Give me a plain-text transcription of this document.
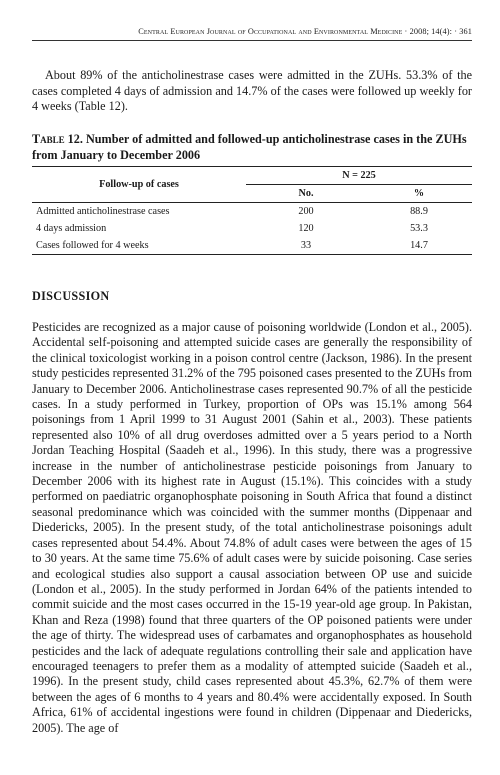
Central European Journal of Occupational and Environmental Medicine · 2008; 14(4): · 361

About 89% of the anticholinestrase cases were admitted in the ZUHs. 53.3% of the cases completed 4 days of admission and 14.7% of the cases were followed up weekly for 4 weeks (Table 12).

Table 12. Number of admitted and followed-up anticholinestrase cases in the ZUHs from January to December 2006
Follow-up of cases	N = 225	
	No.	%
Admitted anticholinestrase cases	200	88.9
4 days admission	120	53.3
Cases followed for 4 weeks	33	14.7
DISCUSSION

Pesticides are recognized as a major cause of poisoning worldwide (London et al., 2005). Accidental self-poisoning and attempted suicide cases are generally the responsibility of the clinical toxicologist working in a poison control centre (Jackson, 1986). In the present study pesticides represented 31.2% of the 795 poisoned cases presented to the ZUHs from January to December 2006. Anticholinestrase cases represented 90.7% of all the pesticide cases. In a study performed in Turkey, proportion of OPs was 15.1% among 564 poisonings from 1 April 1999 to 31 August 2001 (Sahin et al., 2003). These patients represented also 10% of all drug overdoses admitted over a 5 years period to a North Jordan Teaching Hospital (Saadeh et al., 1996). In this study, there was a progressive increase in the number of anticholinestrase pesticide poisonings from January to December 2006 with its highest rate in August (15.1%). This coincides with a study performed on paediatric organophosphate poisoning in South Africa that found a distinct seasonal predominance which was coincided with the summer months (Dippenaar and Diedericks, 2005). In the present study, of the total anticholinestrase poisonings adult cases represented about 54.4%. About 74.8% of adult cases were between the ages of 15 to 30 years. At the same time 75.6% of adult cases were by suicide poisoning. Case series and ecological studies also support a causal association between OP use and suicide (London et al., 2005). In the study performed in Jordan 64% of the patients intended to commit suicide and the most cases occurred in the 15-19 year-old age group. In Pakistan, Khan and Reza (1998) found that three quarters of the OP poisoned patients were under the age of thirty. The widespread uses of carbamates and organophosphates as household pesticides and the lack of adequate regulations controlling their sale and application have encouraged teenagers to prefer them as a modality of attempted suicide (Saadeh et al., 1996). In the present study, child cases represented about 45.3%, 62.7% of them were between the ages of 6 months to 4 years and 80.4% were accidentally exposed. In South Africa, 61% of accidental ingestions were found in children (Dippenaar and Diedericks, 2005). The age of
